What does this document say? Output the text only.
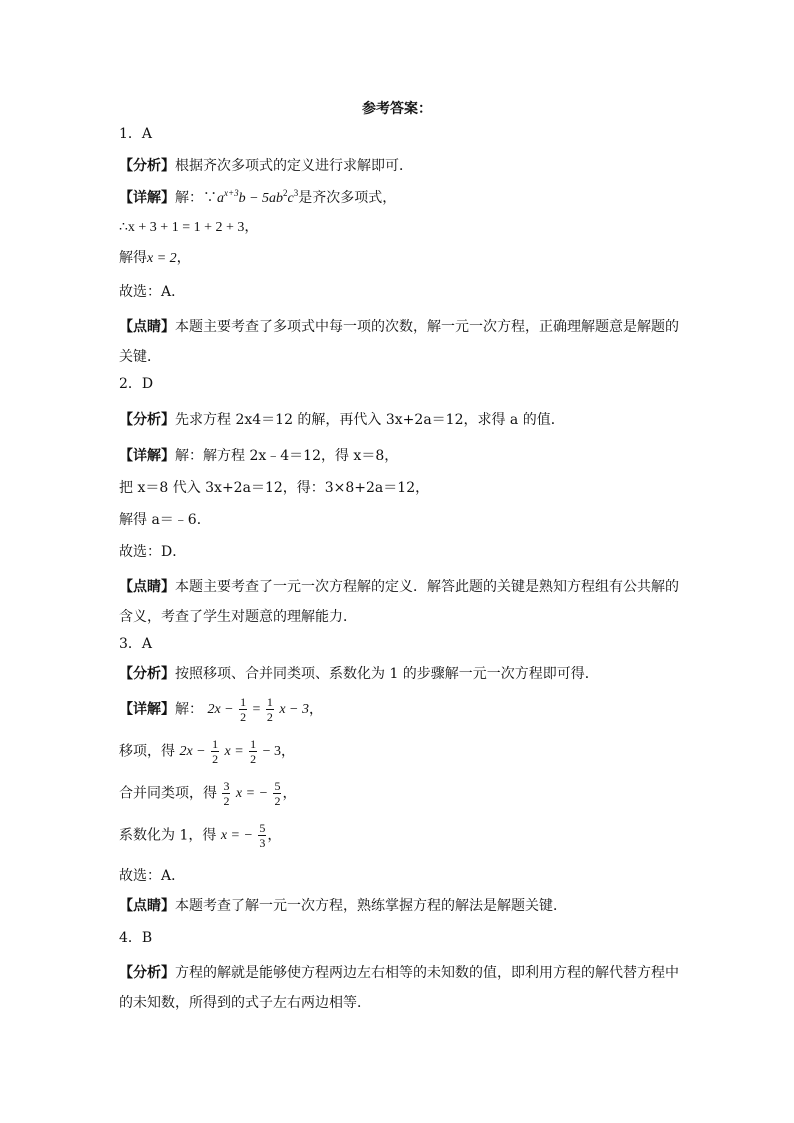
参考答案：
1．A
【分析】根据齐次多项式的定义进行求解即可．
【详解】解：$\because a^{x+3}b - 5ab^2c^3$是齐次多项式，
∴x + 3 + 1 = 1 + 2 + 3，
解得x = 2，
故选：A．
【点睛】本题主要考查了多项式中每一项的次数，解一元一次方程，正确理解题意是解题的关键．
2．D
【分析】先求方程 2x4＝12 的解，再代入 3x+2a＝12，求得 a 的值．
【详解】解：解方程 2x﹣4＝12，得 x＝8，
把 x＝8 代入 3x+2a＝12，得：3×8+2a＝12，
解得 a＝﹣6．
故选：D．
【点睛】本题主要考查了一元一次方程解的定义．解答此题的关键是熟知方程组有公共解的含义，考查了学生对题意的理解能力．
3．A
【分析】按照移项、合并同类项、系数化为 1 的步骤解一元一次方程即可得．
【详解】解： $2x - \frac{1}{2} = \frac{1}{2}$ x − 3，
移项，得 $2x - \frac{1}{2}$ $x = \frac{1}{2} - 3$，
合并同类项，得 $\frac{3}{2}$ x = − $\frac{5}{2}$ ，
系数化为 1，得 x = − $\frac{5}{3}$ ，
故选：A．
【点睛】本题考查了解一元一次方程，熟练掌握方程的解法是解题关键．
4．B
【分析】方程的解就是能够使方程两边左右相等的未知数的值，即利用方程的解代替方程中的未知数，所得到的式子左右两边相等．
